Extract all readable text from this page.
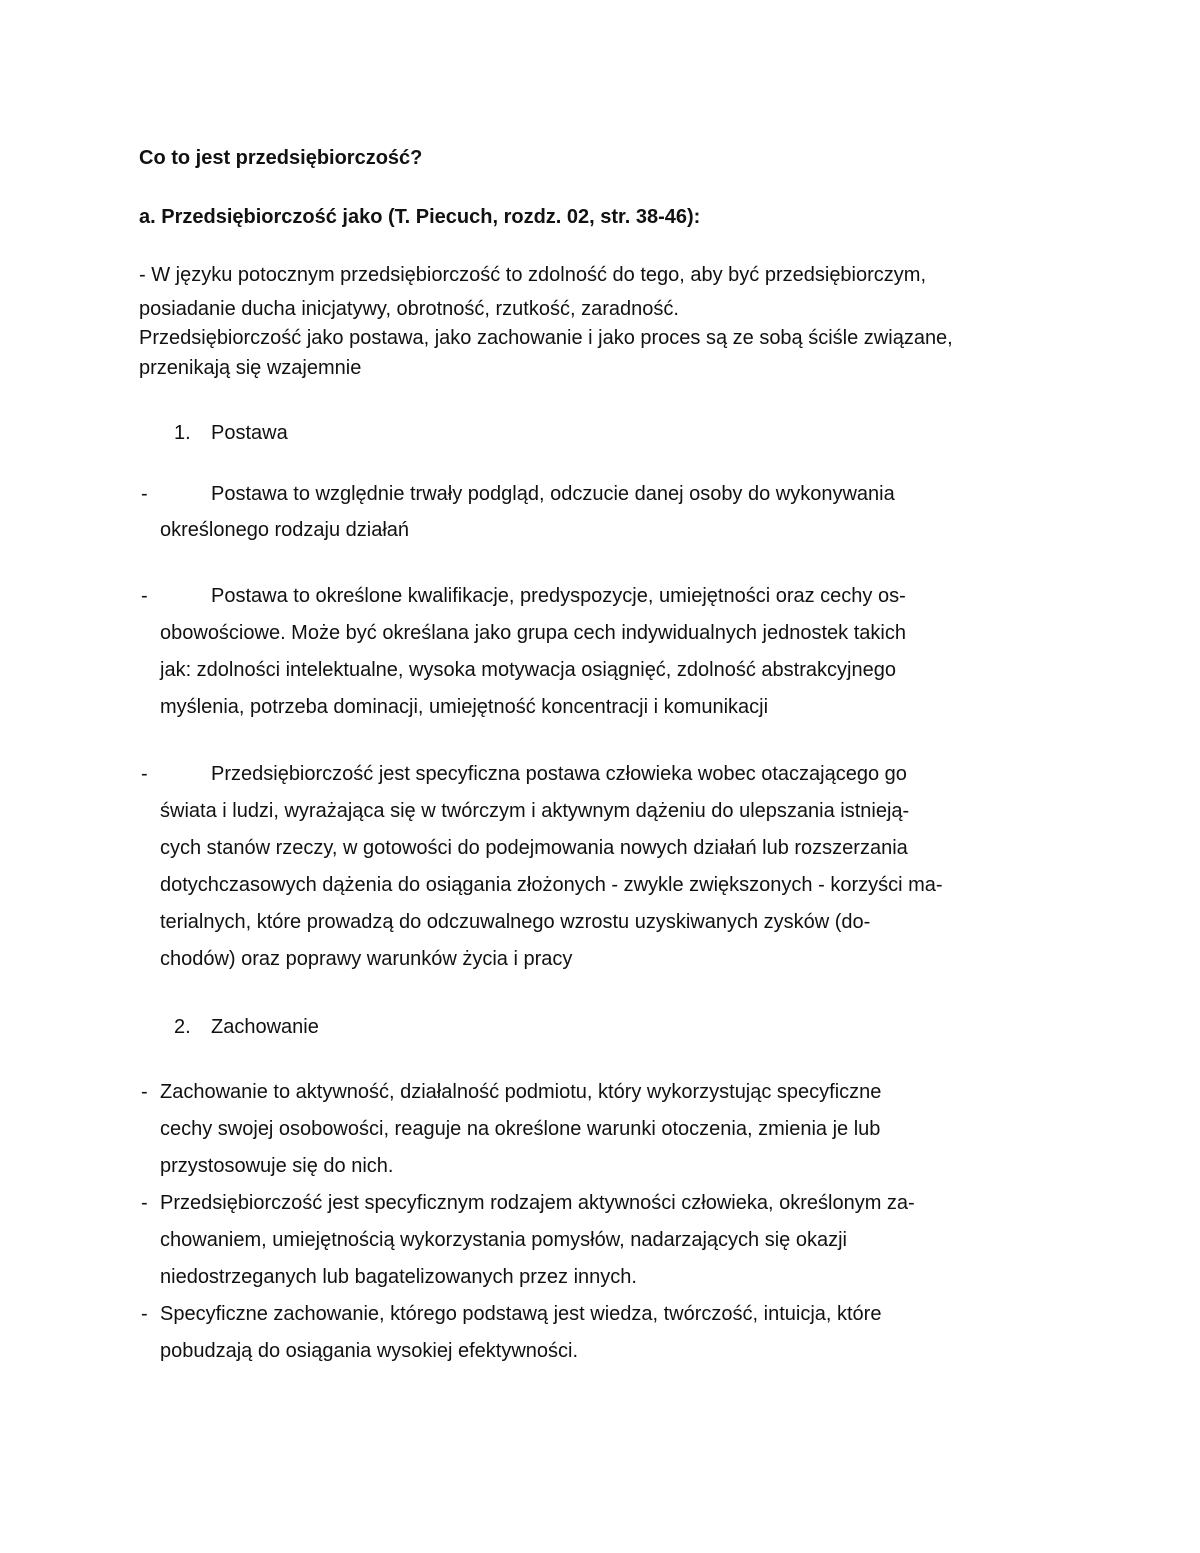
Co to jest przedsiębiorczość?
a. Przedsiębiorczość jako (T. Piecuch, rozdz. 02, str. 38-46):
- W języku potocznym przedsiębiorczość to zdolność do tego, aby być przedsiębiorczym,
posiadanie ducha inicjatywy, obrotność, rzutkość, zaradność.
Przedsiębiorczość jako postawa, jako zachowanie i jako proces są ze sobą ściśle związane,
przenikają się wzajemnie
1. Postawa
-	Postawa to względnie trwały podgląd, odczucie danej osoby do wykonywania
określonego rodzaju działań
-	Postawa to określone kwalifikacje, predyspozycje, umiejętności oraz cechy os-
obowościowe. Może być określana jako grupa cech indywidualnych jednostek takich
jak: zdolności intelektualne, wysoka motywacja osiągnięć, zdolność abstrakcyjnego
myślenia, potrzeba dominacji, umiejętność koncentracji i komunikacji
-	Przedsiębiorczość jest specyficzna postawa człowieka wobec otaczającego go
świata i ludzi, wyrażająca się w twórczym i aktywnym dążeniu do ulepszania istnieją-
cych stanów rzeczy, w gotowości do podejmowania nowych działań lub rozszerzania
dotychczasowych dążenia do osiągania złożonych - zwykle zwiększonych - korzyści ma-
terialnych, które prowadzą do odczuwalnego wzrostu uzyskiwanych zysków (do-
chodów) oraz poprawy warunków życia i pracy
2. Zachowanie
- Zachowanie to aktywność, działalność podmiotu, który wykorzystując specyficzne
cechy swojej osobowości, reaguje na określone warunki otoczenia, zmienia je lub
przystosowuje się do nich.
- Przedsiębiorczość jest specyficznym rodzajem aktywności człowieka, określonym za-
chowaniem, umiejętnością wykorzystania pomysłów, nadarzających się okazji
niedostrzeganych lub bagatelizowanych przez innych.
- Specyficzne zachowanie, którego podstawą jest wiedza, twórczość, intuicja, które
pobudzają do osiągania wysokiej efektywności.
